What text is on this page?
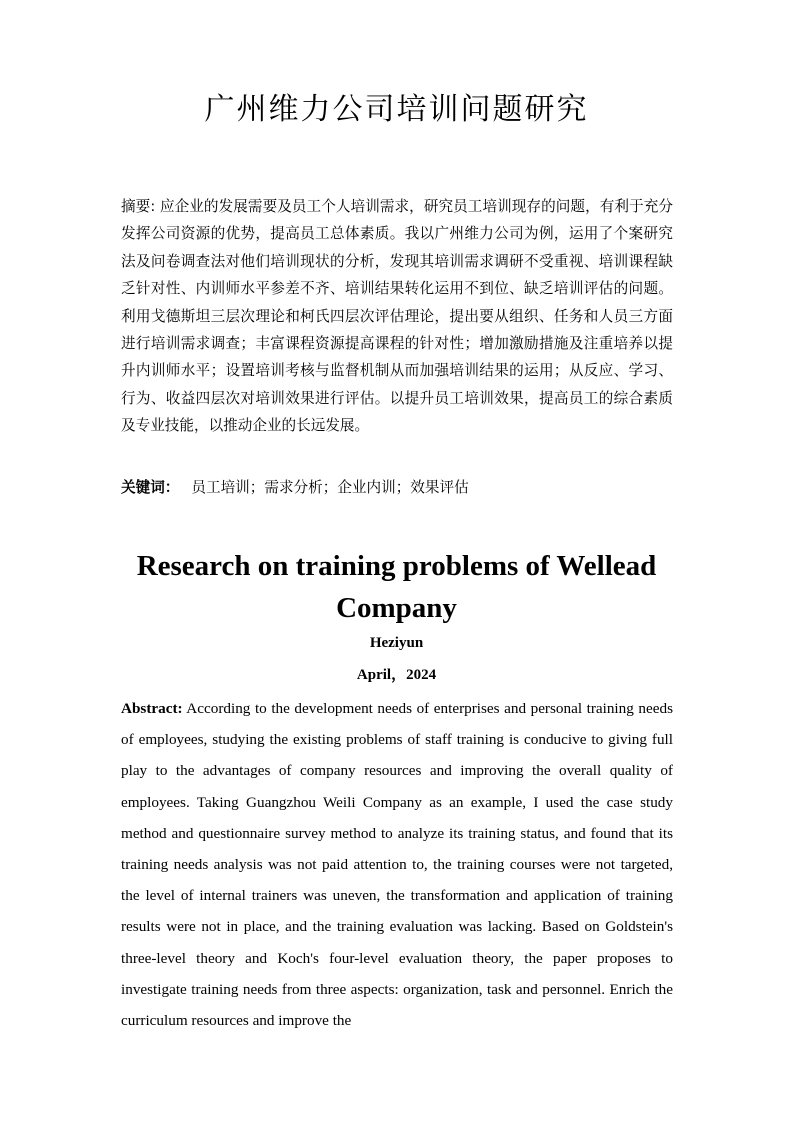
广州维力公司培训问题研究

摘要: 应企业的发展需要及员工个人培训需求，研究员工培训现存的问题，有利于充分发挥公司资源的优势，提高员工总体素质。我以广州维力公司为例，运用了个案研究法及问卷调查法对他们培训现状的分析，发现其培训需求调研不受重视、培训课程缺乏针对性、内训师水平参差不齐、培训结果转化运用不到位、缺乏培训评估的问题。利用戈德斯坦三层次理论和柯氏四层次评估理论，提出要从组织、任务和人员三方面进行培训需求调查；丰富课程资源提高课程的针对性；增加激励措施及注重培养以提升内训师水平；设置培训考核与监督机制从而加强培训结果的运用；从反应、学习、行为、收益四层次对培训效果进行评估。以提升员工培训效果，提高员工的综合素质及专业技能，以推动企业的长远发展。

关键词： 员工培训；需求分析；企业内训；效果评估

Research on training problems of Wellead Company
Heziyun
April，2024

Abstract: According to the development needs of enterprises and personal training needs of employees, studying the existing problems of staff training is conducive to giving full play to the advantages of company resources and improving the overall quality of employees. Taking Guangzhou Weili Company as an example, I used the case study method and questionnaire survey method to analyze its training status, and found that its training needs analysis was not paid attention to, the training courses were not targeted, the level of internal trainers was uneven, the transformation and application of training results were not in place, and the training evaluation was lacking. Based on Goldstein's three-level theory and Koch's four-level evaluation theory, the paper proposes to investigate training needs from three aspects: organization, task and personnel. Enrich the curriculum resources and improve the
